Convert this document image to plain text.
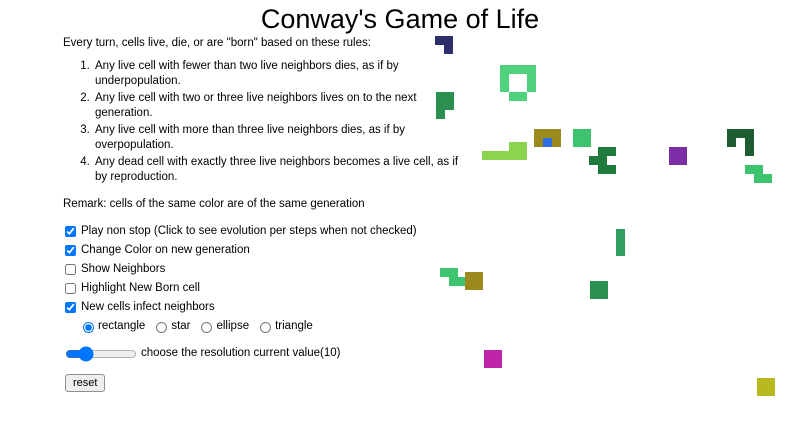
Conway's Game of Life

Every turn, cells live, die, or are "born" based on these rules:

1. Any live cell with fewer than two live neighbors dies, as if by underpopulation.
2. Any live cell with two or three live neighbors lives on to the next generation.
3. Any live cell with more than three live neighbors dies, as if by overpopulation.
4. Any dead cell with exactly three live neighbors becomes a live cell, as if by reproduction.

Remark: cells of the same color are of the same generation

Play non stop (Click to see evolution per steps when not checked)
Change Color on new generation
Show Neighbors
Highlight New Born cell
New cells infect neighbors
rectangle star ellipse triangle
choose the resolution current value(10)
reset
